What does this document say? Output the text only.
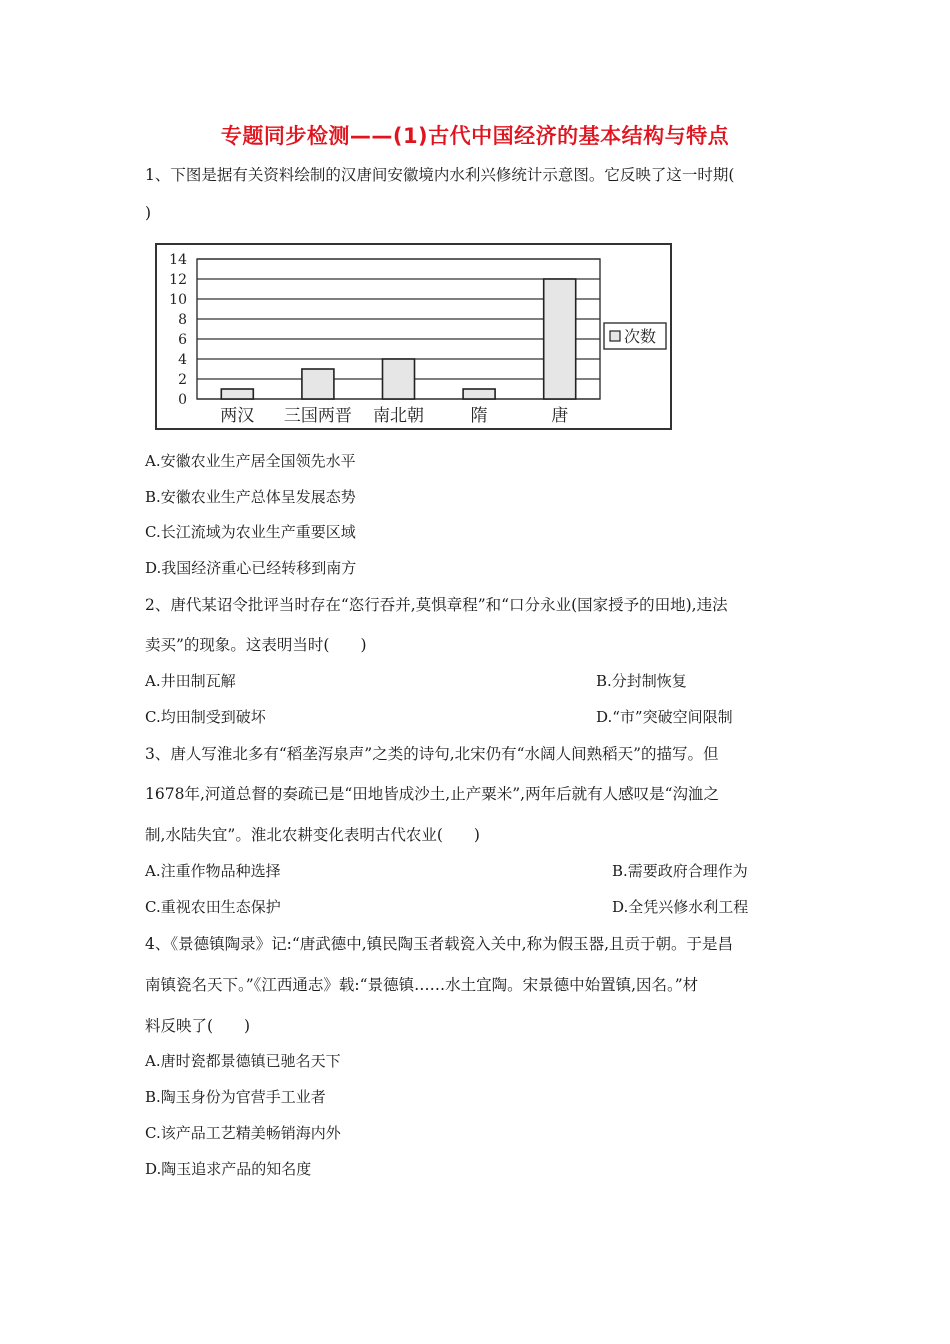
专题同步检测——(1)古代中国经济的基本结构与特点
1、下图是据有关资料绘制的汉唐间安徽境内水利兴修统计示意图。它反映了这一时期(
)
0
2
4
6
8
10
12
14
两汉 三国两晋 南北朝	隋	唐
次数
A.安徽农业生产居全国领先水平
B.安徽农业生产总体呈发展态势
C.长江流域为农业生产重要区域
D.我国经济重心已经转移到南方
2、唐代某诏令批评当时存在“恣行吞并,莫惧章程”和“口分永业(国家授予的田地),违法
卖买”的现象。这表明当时(　　)
A.井田制瓦解	B.分封制恢复
C.均田制受到破坏	D.“市”突破空间限制
3、唐人写淮北多有“稻垄泻泉声”之类的诗句,北宋仍有“水阔人间熟稻天”的描写。但
1678年,河道总督的奏疏已是“田地皆成沙土,止产粟米”,两年后就有人感叹是“沟洫之
制,水陆失宜”。淮北农耕变化表明古代农业(　　)
A.注重作物品种选择	B.需要政府合理作为
C.重视农田生态保护	D.全凭兴修水利工程
4、《景德镇陶录》记:“唐武德中,镇民陶玉者载瓷入关中,称为假玉器,且贡于朝。于是昌
南镇瓷名天下。”《江西通志》载:“景德镇……水土宜陶。宋景德中始置镇,因名。”材
料反映了(　　)
A.唐时瓷都景德镇已驰名天下
B.陶玉身份为官营手工业者
C.该产品工艺精美畅销海内外
D.陶玉追求产品的知名度
